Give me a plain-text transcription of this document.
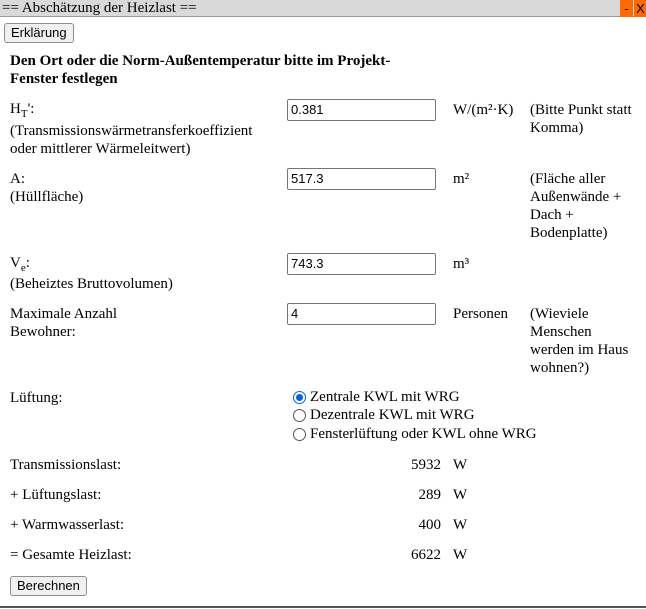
== Abschätzung der Heizlast ==	- X
Erklärung
Den Ort oder die Norm-Außentemperatur bitte im Projekt-
Fenster festlegen
$H_T'$:
(Transmissionswärmetransferkoeffizient
oder mittlerer Wärmeleitwert)
0.381	W/(m²·K) (Bitte Punkt statt
Komma)
A:
(Hüllfläche)
517.3	m²	(Fläche aller
Außenwände +
Dach +
Bodenplatte)
$V_e$:
(Beheiztes Bruttovolumen)
743.3	m³
Maximale Anzahl
Bewohner:
4	Personen (Wieviele
Menschen
werden im Haus
wohnen?)
Lüftung:	Zentrale KWL mit WRG
Dezentrale KWL mit WRG
Fensterlüftung oder KWL ohne WRG
Transmissionslast:	5932 W
+ Lüftungslast:	289 W
+ Warmwasserlast:	400 W
= Gesamte Heizlast:	6622 W
Berechnen
